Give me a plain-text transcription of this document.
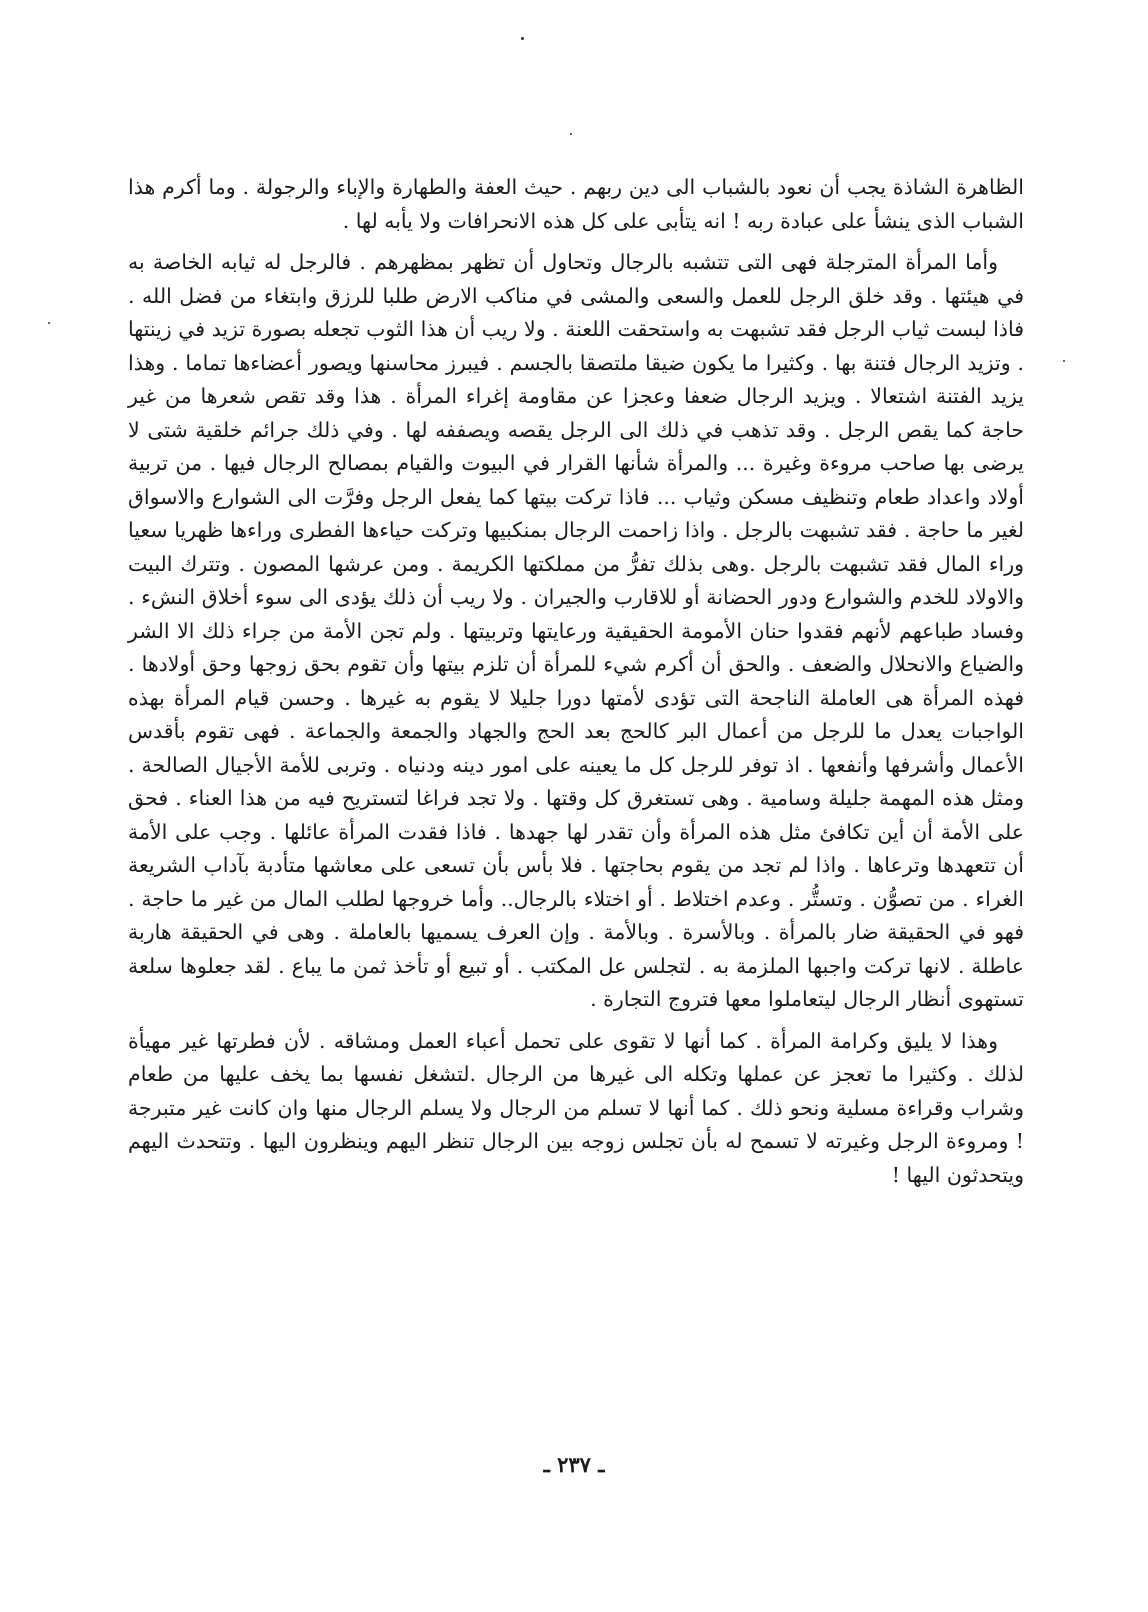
الظاهرة الشاذة يجب أن نعود بالشباب الى دين ربهم . حيث العفة والطهارة والإباء والرجولة . وما أكرم هذا الشباب الذى ينشأ على عبادة ربه ! انه يتأبى على كل هذه الانحرافات ولا يأبه لها .

وأما المرأة المترجلة فهى التى تتشبه بالرجال وتحاول أن تظهر بمظهرهم . فالرجل له ثيابه الخاصة به في هيئتها . وقد خلق الرجل للعمل والسعى والمشى في مناكب الارض طلبا للرزق وابتغاء من فضل الله . فاذا لبست ثياب الرجل فقد تشبهت به واستحقت اللعنة . ولا ريب أن هذا الثوب تجعله بصورة تزيد في زينتها . وتزيد الرجال فتنة بها . وكثيرا ما يكون ضيقا ملتصقا بالجسم . فيبرز محاسنها ويصور أعضاءها تماما . وهذا يزيد الفتنة اشتعالا . ويزيد الرجال ضعفا وعجزا عن مقاومة إغراء المرأة . هذا وقد تقص شعرها من غير حاجة كما يقص الرجل . وقد تذهب في ذلك الى الرجل يقصه ويصففه لها . وفي ذلك جرائم خلقية شتى لا يرضى بها صاحب مروءة وغيرة ... والمرأة شأنها القرار في البيوت والقيام بمصالح الرجال فيها . من تربية أولاد واعداد طعام وتنظيف مسكن وثياب ... فاذا تركت بيتها كما يفعل الرجل وفرَّت الى الشوارع والاسواق لغير ما حاجة . فقد تشبهت بالرجل . واذا زاحمت الرجال بمنكبيها وتركت حياءها الفطرى وراءها ظهريا سعيا وراء المال فقد تشبهت بالرجل .وهى بذلك تفرُّ من مملكتها الكريمة . ومن عرشها المصون . وتترك البيت والاولاد للخدم والشوارع ودور الحضانة أو للاقارب والجيران . ولا ريب أن ذلك يؤدى الى سوء أخلاق النشء . وفساد طباعهم لأنهم فقدوا حنان الأمومة الحقيقية ورعايتها وتربيتها . ولم تجن الأمة من جراء ذلك الا الشر والضياع والانحلال والضعف . والحق أن أكرم شيء للمرأة أن تلزم بيتها وأن تقوم بحق زوجها وحق أولادها . فهذه المرأة هى العاملة الناجحة التى تؤدى لأمتها دورا جليلا لا يقوم به غيرها . وحسن قيام المرأة بهذه الواجبات يعدل ما للرجل من أعمال البر كالحج بعد الحج والجهاد والجمعة والجماعة . فهى تقوم بأقدس الأعمال وأشرفها وأنفعها . اذ توفر للرجل كل ما يعينه على امور دينه ودنياه . وتربى للأمة الأجيال الصالحة . ومثل هذه المهمة جليلة وسامية . وهى تستغرق كل وقتها . ولا تجد فراغا لتستريح فيه من هذا العناء . فحق على الأمة أن أين تكافئ مثل هذه المرأة وأن تقدر لها جهدها . فاذا فقدت المرأة عائلها . وجب على الأمة أن تتعهدها وترعاها . واذا لم تجد من يقوم بحاجتها . فلا بأس بأن تسعى على معاشها متأدبة بآداب الشريعة الغراء . من تصوُّن . وتستُّر . وعدم اختلاط . أو اختلاء بالرجال.. وأما خروجها لطلب المال من غير ما حاجة . فهو في الحقيقة ضار بالمرأة . وبالأسرة . وبالأمة . وإن العرف يسميها بالعاملة . وهى في الحقيقة هاربة عاطلة . لانها تركت واجبها الملزمة به . لتجلس عل المكتب . أو تبيع أو تأخذ ثمن ما يباع . لقد جعلوها سلعة تستهوى أنظار الرجال ليتعاملوا معها فتروج التجارة .

وهذا لا يليق وكرامة المرأة . كما أنها لا تقوى على تحمل أعباء العمل ومشاقه . لأن فطرتها غير مهيأة لذلك . وكثيرا ما تعجز عن عملها وتكله الى غيرها من الرجال .لتشغل نفسها بما يخف عليها من طعام وشراب وقراءة مسلية ونحو ذلك . كما أنها لا تسلم من الرجال ولا يسلم الرجال منها وان كانت غير متبرجة ! ومروءة الرجل وغيرته لا تسمح له بأن تجلس زوجه بين الرجال تنظر اليهم وينظرون اليها . وتتحدث اليهم ويتحدثون اليها !

ـ ٢٣٧ ـ
